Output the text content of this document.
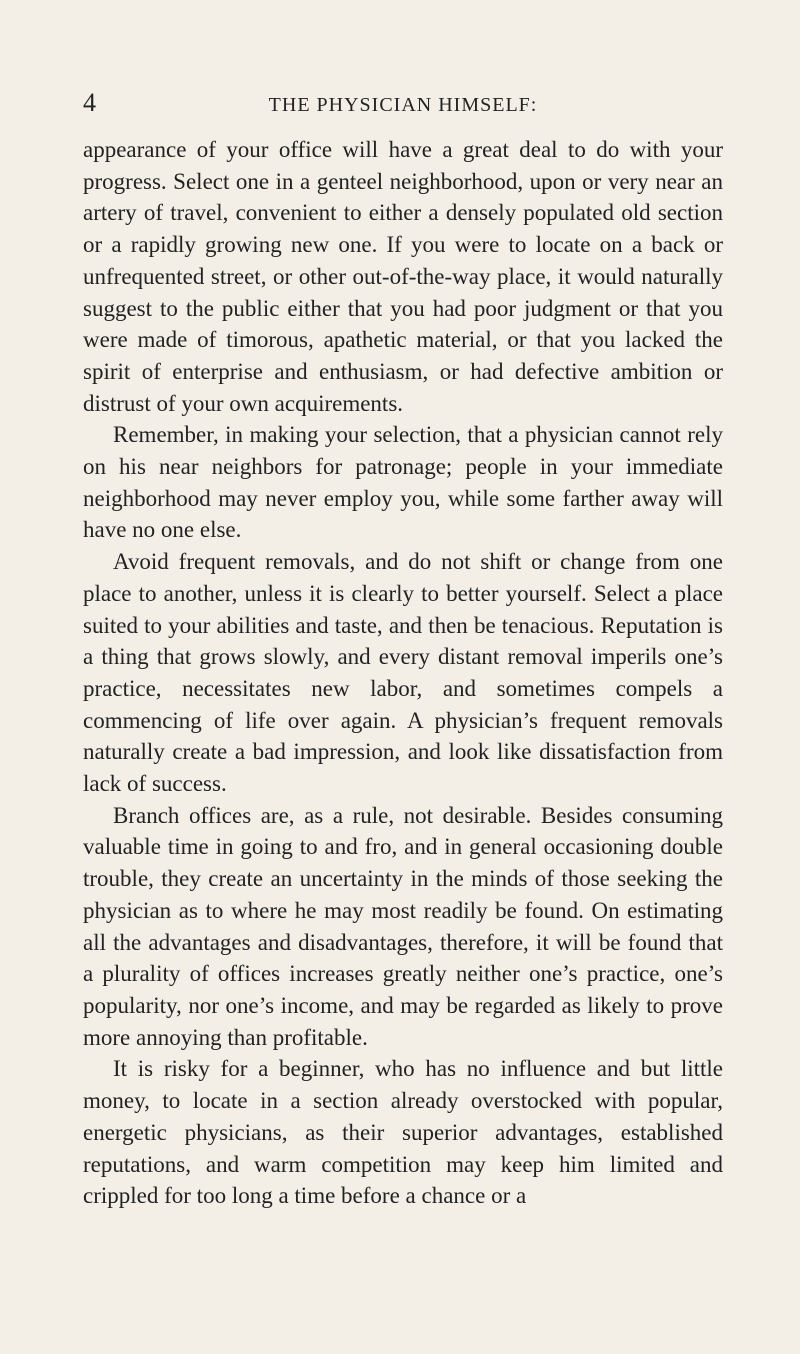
4	THE PHYSICIAN HIMSELF:

appearance of your office will have a great deal to do with your progress. Select one in a genteel neighborhood, upon or very near an artery of travel, convenient to either a densely populated old section or a rapidly growing new one. If you were to locate on a back or unfrequented street, or other out-of-the-way place, it would naturally suggest to the public either that you had poor judgment or that you were made of timorous, apathetic material, or that you lacked the spirit of enterprise and enthusiasm, or had defective ambition or distrust of your own acquirements.

Remember, in making your selection, that a physician cannot rely on his near neighbors for patronage; people in your immediate neighborhood may never employ you, while some farther away will have no one else.

Avoid frequent removals, and do not shift or change from one place to another, unless it is clearly to better yourself. Select a place suited to your abilities and taste, and then be tenacious. Reputation is a thing that grows slowly, and every distant removal imperils one’s practice, necessitates new labor, and sometimes compels a commencing of life over again. A physician’s frequent removals naturally create a bad impression, and look like dissatisfaction from lack of success.

Branch offices are, as a rule, not desirable. Besides consuming valuable time in going to and fro, and in general occasioning double trouble, they create an uncertainty in the minds of those seeking the physician as to where he may most readily be found. On estimating all the advantages and disadvantages, therefore, it will be found that a plurality of offices increases greatly neither one’s practice, one’s popularity, nor one’s income, and may be regarded as likely to prove more annoying than profitable.

It is risky for a beginner, who has no influence and but little money, to locate in a section already overstocked with popular, energetic physicians, as their superior advantages, established reputations, and warm competition may keep him limited and crippled for too long a time before a chance or a
